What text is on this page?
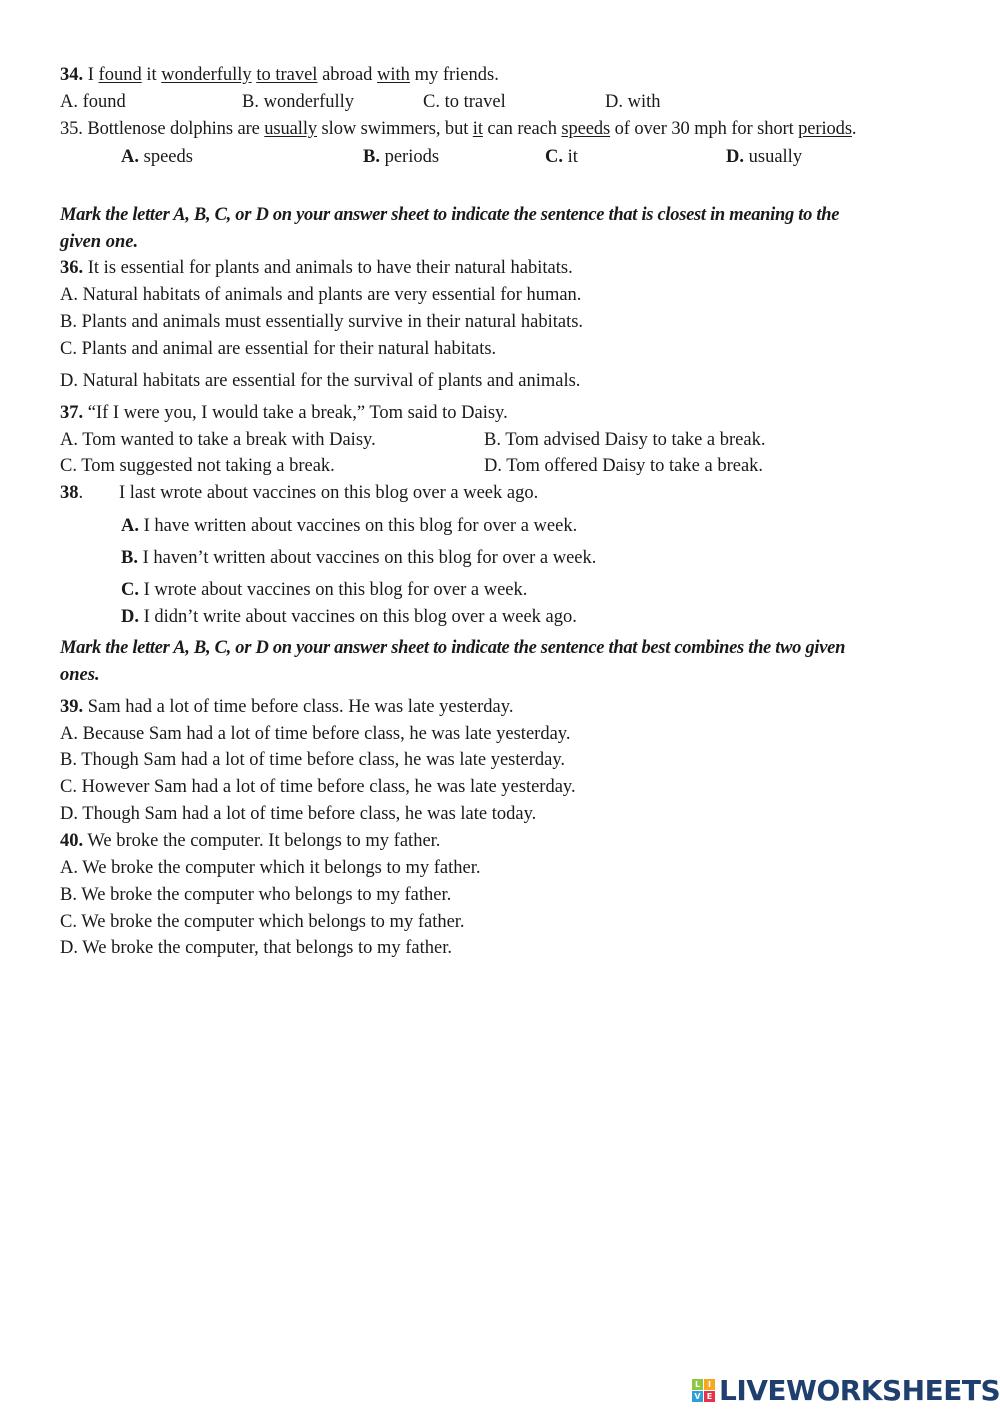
34. I found it wonderfully to travel abroad with my friends.
A. found	B. wonderfully	C. to travel	D. with
35. Bottlenose dolphins are usually slow swimmers, but it can reach speeds of over 30 mph for short periods.
A. speeds	B. periods	C. it	D. usually
Mark the letter A, B, C, or D on your answer sheet to indicate the sentence that is closest in meaning to the
given one.
36. It is essential for plants and animals to have their natural habitats.
A. Natural habitats of animals and plants are very essential for human.
B. Plants and animals must essentially survive in their natural habitats.
C. Plants and animal are essential for their natural habitats.
D. Natural habitats are essential for the survival of plants and animals.
37. “If I were you, I would take a break,” Tom said to Daisy.
A. Tom wanted to take a break with Daisy.	B. Tom advised Daisy to take a break.
C. Tom suggested not taking a break.	D. Tom offered Daisy to take a break.
38. I last wrote about vaccines on this blog over a week ago.
A. I have written about vaccines on this blog for over a week.
B. I haven’t written about vaccines on this blog for over a week.
C. I wrote about vaccines on this blog for over a week.
D. I didn’t write about vaccines on this blog over a week ago.
Mark the letter A, B, C, or D on your answer sheet to indicate the sentence that best combines the two given
ones.
39. Sam had a lot of time before class. He was late yesterday.
A. Because Sam had a lot of time before class, he was late yesterday.
B. Though Sam had a lot of time before class, he was late yesterday.
C. However Sam had a lot of time before class, he was late yesterday.
D. Though Sam had a lot of time before class, he was late today.
40. We broke the computer. It belongs to my father.
A. We broke the computer which it belongs to my father.
B. We broke the computer who belongs to my father.
C. We broke the computer which belongs to my father.
D. We broke the computer, that belongs to my father.
L I
V E LIVEWORKSHEETS
